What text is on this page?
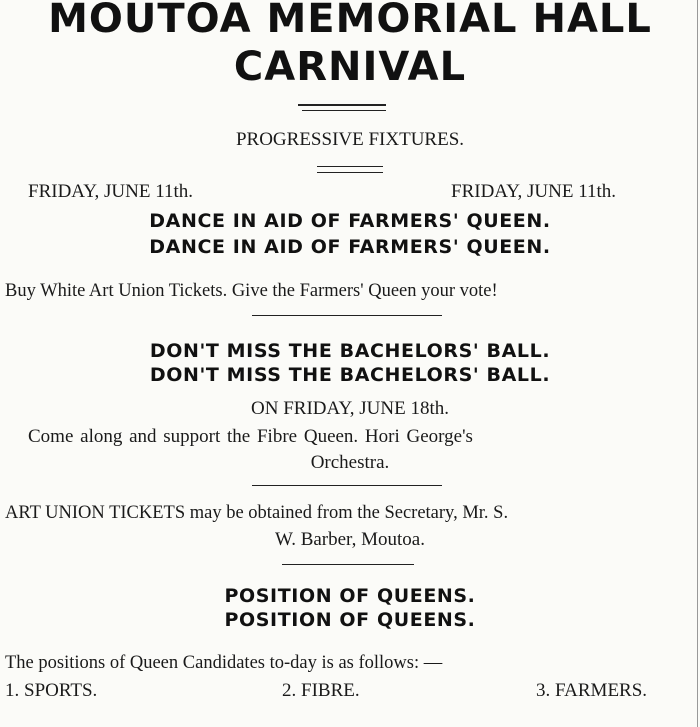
MOUTOA MEMORIAL HALL
CARNIVAL
PROGRESSIVE FIXTURES.
FRIDAY, JUNE 11th.	FRIDAY, JUNE 11th.
DANCE IN AID OF FARMERS' QUEEN.
DANCE IN AID OF FARMERS' QUEEN.
Buy White Art Union Tickets. Give the Farmers' Queen your vote!
DON'T MISS THE BACHELORS' BALL.
DON'T MISS THE BACHELORS' BALL.
ON FRIDAY, JUNE 18th.
Come along and support the Fibre Queen. Hori George's
Orchestra.
ART UNION TICKETS may be obtained from the Secretary, Mr. S.
W. Barber, Moutoa.
POSITION OF QUEENS.
POSITION OF QUEENS.
The positions of Queen Candidates to-day is as follows: —
1. SPORTS.	2. FIBRE.	3. FARMERS.
